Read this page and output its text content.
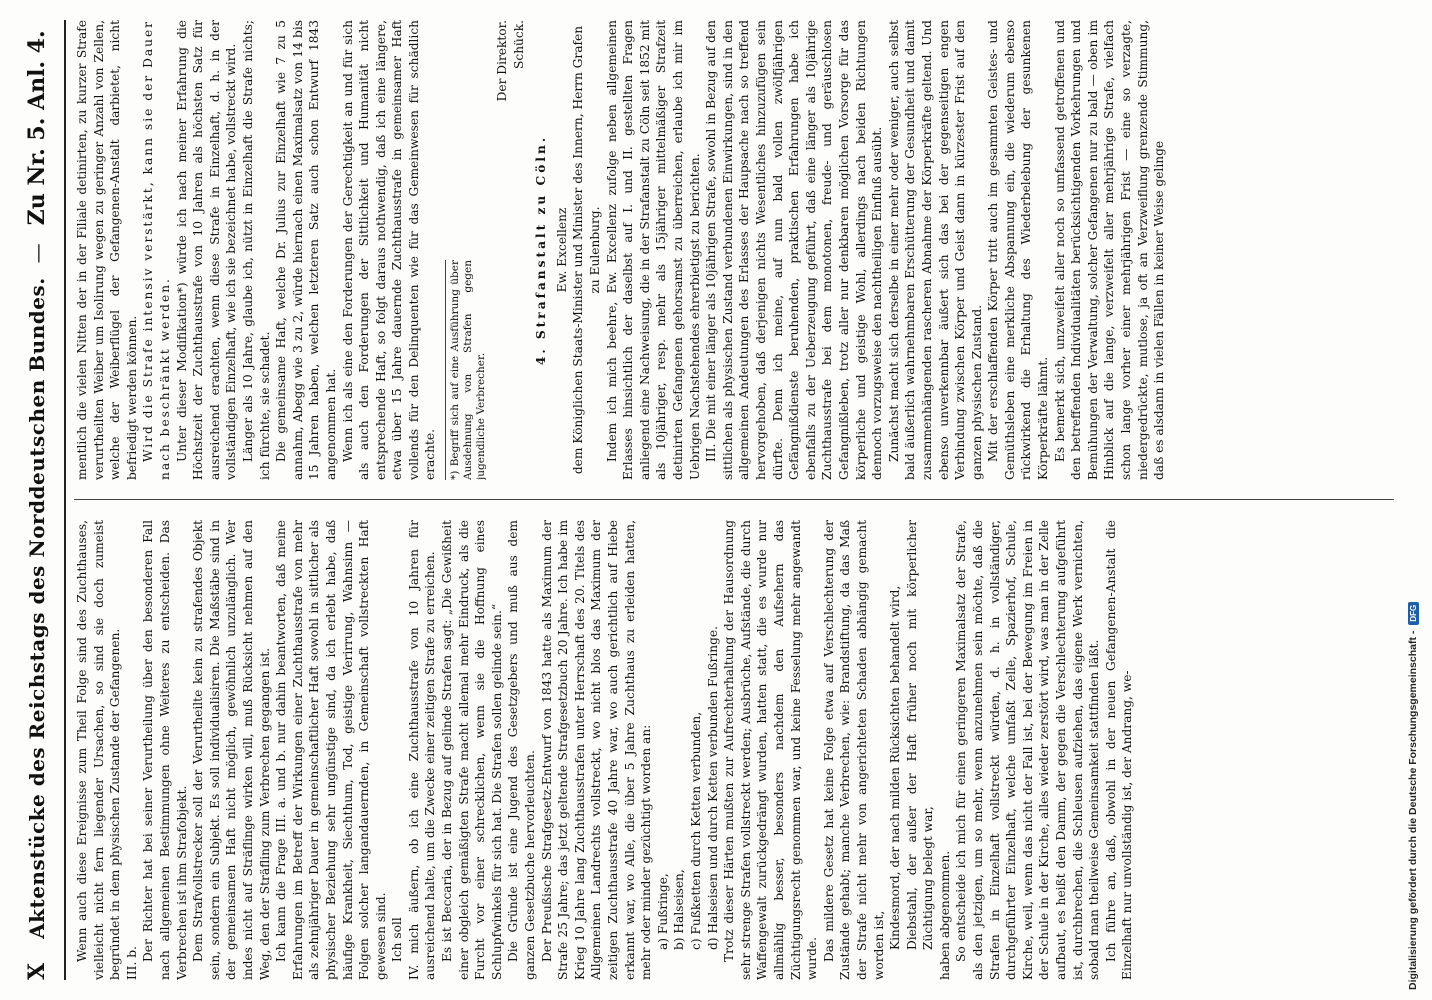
X
Aktenstücke des Reichstags des Norddeutschen Bundes.
—
Zu Nr. 5. Anl. 4.

Wenn auch diese Ereignisse zum Theil Folge sind des Zuchthauses, vielleicht nicht fern liegender Ursachen, so sind sie doch zumeist begründet in dem physischen Zustande der Gefangenen. III. b.

Der Richter hat bei seiner Verurtheilung über den besonderen Fall nach allgemeinen Bestimmungen ohne Weiteres zu entscheiden. Das Verbrechen ist ihm Strafobjekt. Dem Strafvollstrecker soll der Verurtheilte kein zu strafendes Objekt sein, sondern ein Subjekt. Es soll individualisiren. Die Maßstäbe sind in der gemeinsamen Haft nicht möglich, gewöhnlich unzulänglich. Wer indes nicht auf Sträflinge wirken will, muß Rücksicht nehmen auf den Weg, den der Sträfling zum Verbrechen gegangen ist. Ich kann die Frage III. a. und b. nur dahin beantworten, daß meine Erfahrungen im Betreff der Wirkungen einer Zuchthausstrafe von mehr als zehnjähriger Dauer in gemeinschaftlicher Haft sowohl in sittlicher als physischer Beziehung sehr ungünstige sind, da ich erlebt habe, daß häufige Krankheit, Siechthum, Tod, geistige Verirrung, Wahnsinn — Folgen solcher langandauernden, in Gemeinschaft vollstreckten Haft gewesen sind. Ich soll IV. mich äußern, ob ich eine Zuchthausstrafe von 10 Jahren für ausreichend halte, um die Zwecke einer zeitigen Strafe zu erreichen. Es ist Beccaria, der in Bezug auf gelinde Strafen sagt: „Die Gewißheit einer obgleich gemäßigten Strafe macht allemal mehr Eindruck, als die Furcht vor einer schrecklichen, wenn sie die Hoffnung eines Schlupfwinkels für sich hat. Die Strafen sollen gelinde sein.“ Die Gründe ist eine Jugend des Gesetzgebers und muß aus dem ganzen Gesetzbuche hervorleuchten. Der Preußische Strafgesetz-Entwurf von 1843 hatte als Maximum der Strafe 25 Jahre; das jetzt geltende Strafgesetzbuch 20 Jahre. Ich habe im Krieg 10 Jahre lang Zuchthausstrafen unter Herrschaft des 20. Titels des Allgemeinen Landrechts vollstreckt, wo nicht blos das Maximum der zeitigen Zuchthausstrafe 40 Jahre war, wo auch gerichtlich auf Hiebe erkannt war, wo Alle, die über 5 Jahre Zuchthaus zu erleiden hatten, mehr oder minder gezüchtigt worden an: a) Fußringe, b) Halseisen, c) Fußketten durch Ketten verbunden, d) Halseisen und durch Ketten verbunden Fußringe. Trotz dieser Härten mußten zur Aufrechterhaltung der Hausordnung sehr strenge Strafen vollstreckt werden; Ausbrüche, Aufstände, die durch Waffengewalt zurückgedrängt wurden, hatten statt, die es wurde nur allmählig besser, besonders nachdem den Aufsehern das Züchtigungsrecht genommen war, und keine Fesselung mehr angewandt wurde. Das mildere Gesetz hat keine Folge etwa auf Verschlechterung der Zustände gehabt; manche Verbrechen, wie: Brandstiftung, da das Maß der Strafe nicht mehr von angerichteten Schaden abhängig gemacht worden ist, Kindesmord, der nach milden Rücksichten behandelt wird, Diebstahl, der außer der Haft früher noch mit körperlicher Züchtigung belegt war, haben abgenommen. So entscheide ich mich für einen geringeren Maximalsatz der Strafe, als den jetzigen, um so mehr, wenn anzunehmen sein möchte, daß die Strafen in Einzelhaft vollstreckt würden, d. h. in vollständiger, durchgeführter Einzelhaft, welche umfaßt Zelle, Spazierhof, Schule, Kirche, weil, wenn das nicht der Fall ist, bei der Bewegung im Freien in der Schule in der Kirche, alles wieder zerstört wird, was man in der Zelle aufbaut, es heißt den Damm, der gegen die Verschlechterung aufgeführt ist, durchbrechen, die Schleusen aufziehen, das eigene Werk vernichten, sobald man theilweise Gemeinsamkeit stattfinden läßt. Ich führe an, daß, obwohl in der neuen Gefangenen-Anstalt die Einzelhaft nur unvollständig ist, der Andrang, we-

mentlich die vielen Nitten der in der Filiale detinirten, zu kurzer Strafe verurtheilten Weiber um Isolirung wegen zu geringer Anzahl von Zellen, welche der Weiberflügel der Gefangenen-Anstalt darbietet, nicht befriedigt werden können. Wird die Strafe intensiv verstärkt, kann sie der Dauer nach beschränkt werden. Unter dieser Modifikation*) würde ich nach meiner Erfahrung die Höchstzeit der Zuchthausstrafe von 10 Jahren als höchsten Satz für ausreichend erachten, wenn diese Strafe in Einzelhaft, d. h. in der vollständigen Einzelhaft, wie ich sie bezeichnet habe, vollstreckt wird. Länger als 10 Jahre, glaube ich, nützt in Einzelhaft die Strafe nichts; ich fürchte, sie schadet. Die gemeinsame Haft, welche Dr. Julius zur Einzelhaft wie 7 zu 5 annahm, Abegg wie 3 zu 2, würde hiernach einen Maximalsatz von 14 bis 15 Jahren haben, welchen letzteren Satz auch schon Entwurf 1843 angenommen hat. Wenn ich als eine den Forderungen der Gerechtigkeit an und für sich als auch den Forderungen der Sittlichkeit und Humanität nicht entsprechende Haft, so folgt daraus nothwendig, daß ich eine längere, etwa über 15 Jahre dauernde Zuchthausstrafe in gemeinsamer Haft vollends für den Delinquenten wie für das Gemeinwesen für schädlich erachte.	*) Begriff sich auf eine Ausführung über Ausdehnung von Strafen gegen jugendliche Verbrecher.

Der Direktor. Schück.

4. Strafanstalt zu Cöln. Ew. Excellenz dem Königlichen Staats-Minister und Minister des Innern, Herrn Grafen zu Eulenburg. Indem ich mich beehre, Ew. Excellenz zufolge neben allgemeinen Erlasses hinsichtlich der daselbst auf I. und II. gestellten Fragen anliegend eine Nachweisung, die in der Strafanstalt zu Cöln seit 1852 mit als 10jähriger, resp. mehr als 15jähriger mittelmäßiger Strafzeit detinirten Gefangenen gehorsamst zu überreichen, erlaube ich mir im Uebrigen Nachstehendes ehrerbietigst zu berichten. III. Die mit einer länger als 10jährigen Strafe, sowohl in Bezug auf den sittlichen als physischen Zustand verbundenen Einwirkungen, sind in den allgemeinen Andeutungen des Erlasses der Haupsache nach so treffend hervorgehoben, daß derjenigen nichts Wesentliches hinzuzufügen sein dürfte. Denn ich meine, auf nun bald vollen zwölfjährigen Gefängnißdienste beruhenden, praktischen Erfahrungen habe ich ebenfalls zu der Ueberzeugung geführt, daß eine länger als 10jährige Zuchthausstrafe bei dem monotonen, freude- und geräuschlosen Gefangnißleben, trotz aller nur denkbaren möglichen Vorsorge für das körperliche und geistige Wohl, allerdings nach beiden Richtungen dennoch vorzugsweise den nachtheiligen Einfluß ausübt. Zunächst macht sich derselbe in einer mehr oder weniger, auch selbst bald äußerlich wahrnehmbaren Erschütterung der Gesundheit und damit zusammenhängenden rascheren Abnahme der Körperkräfte geltend. Und ebenso unverkennbar äußert sich das bei der gegenseitigen engen Verbindung zwischen Körper und Geist dann in kürzester Frist auf den ganzen physischen Zustand. Mit der erschlaffenden Körper tritt auch im gesammten Geistes- und Gemüthsleben eine merkliche Abspannung ein, die wiederum ebenso rückwirkend die Erhaltung des Wiederbelebung der gesunkenen Körperkräfte lähmt. Es bemerkt sich, unzweifelt aller noch so umfassend getroffenen und den betreffenden Individualitäten berücksichtigenden Vorkehrungen und Bemühungen der Verwaltung, solcher Gefangenen nur zu bald — oben im Hinblick auf die lange, verzweifelt aller mehrjährige Strafe, vielfach schon lange vorher einer mehrjährigen Frist — eine so verzagte, niedergedrückte, mutlose, ja oft an Verzweiflung grenzende Stimmung, daß es alsdann in vielen Fällen in keiner Weise gelinge

Digitalisierung gefördert durch die Deutsche Forschungsgemeinschaft -
DFG
